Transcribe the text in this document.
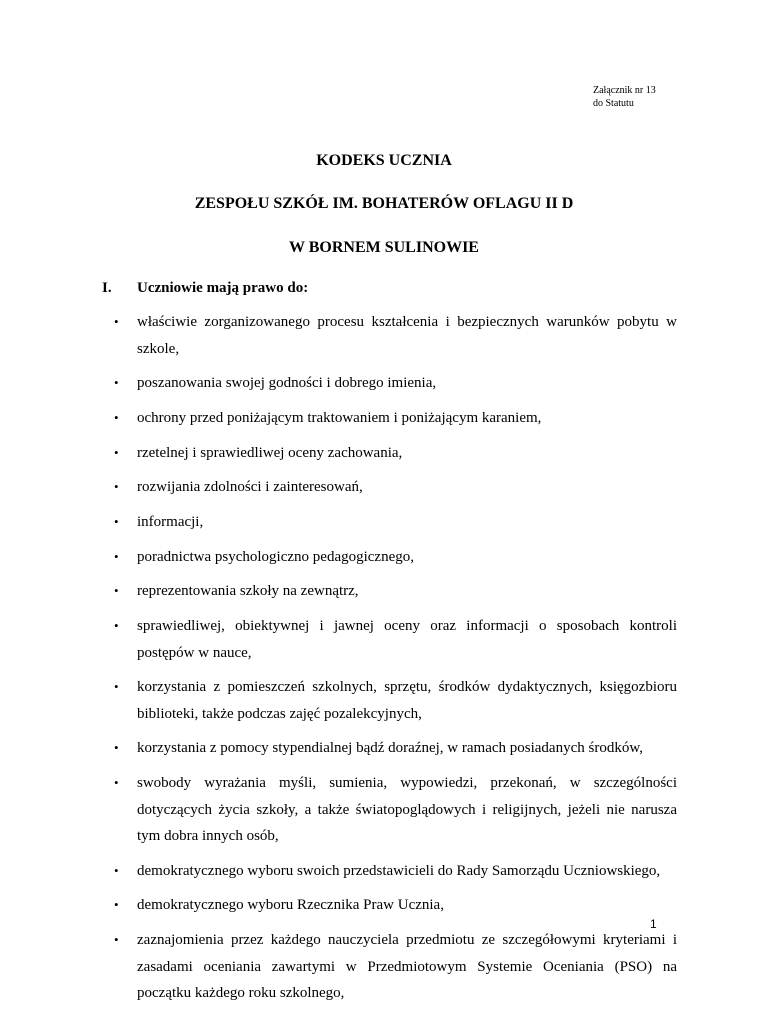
Załącznik nr 13
do Statutu
KODEKS UCZNIA
ZESPOŁU SZKÓŁ IM. BOHATERÓW OFLAGU II D
W BORNEM SULINOWIE
I. Uczniowie mają prawo do:
• właściwie zorganizowanego procesu kształcenia i bezpiecznych warunków pobytu w szkole,
• poszanowania swojej godności i dobrego imienia,
• ochrony przed poniżającym traktowaniem i poniżającym karaniem,
• rzetelnej i sprawiedliwej oceny zachowania,
• rozwijania zdolności i zainteresowań,
• informacji,
• poradnictwa psychologiczno pedagogicznego,
• reprezentowania szkoły na zewnątrz,
• sprawiedliwej, obiektywnej i jawnej oceny oraz informacji o sposobach kontroli postępów w nauce,
• korzystania z pomieszczeń szkolnych, sprzętu, środków dydaktycznych, księgozbioru biblioteki, także podczas zajęć pozalekcyjnych,
• korzystania z pomocy stypendialnej bądź doraźnej, w ramach posiadanych środków,
• swobody wyrażania myśli, sumienia, wypowiedzi, przekonań, w szczególności dotyczących życia szkoły, a także światopoglądowych i religijnych, jeżeli nie narusza tym dobra innych osób,
• demokratycznego wyboru swoich przedstawicieli do Rady Samorządu Uczniowskiego,
• demokratycznego wyboru Rzecznika Praw Ucznia,
• zaznajomienia przez każdego nauczyciela przedmiotu ze szczegółowymi kryteriami i zasadami oceniania zawartymi w Przedmiotowym Systemie Oceniania (PSO) na początku każdego roku szkolnego,
1
